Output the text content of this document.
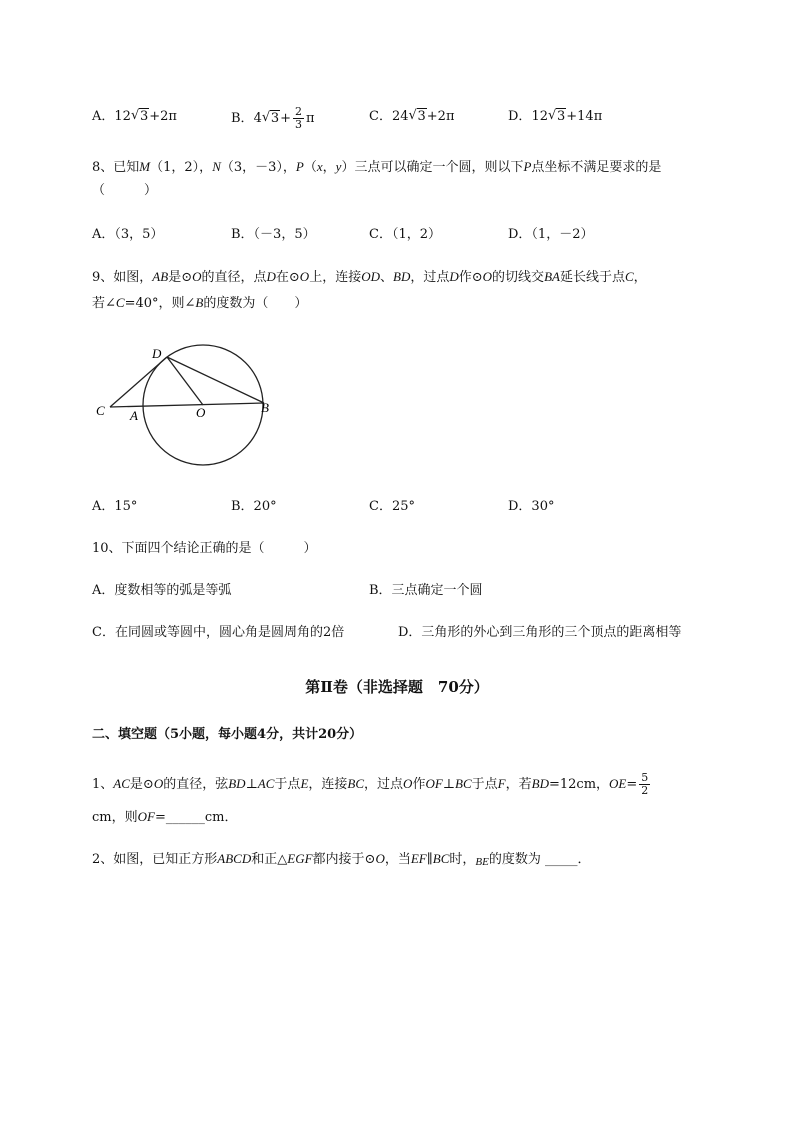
A．12 √ 3+2π	B．4 √ $3+ \frac{2}{3}$ π	C．24 √ 3+2π	D．12 √ 3+14π
8、已知M（1，2），N（3，－3），P（x，y）三点可以确定一个圆，则以下P点坐标不满足要求的是
（　　　）
A．（3，5）	B．（－3，5）	C．（1，2）	D．（1，－2）
9、如图，AB是⊙O的直径，点D在⊙O上，连接OD、BD，过点D作⊙O的切线交BA延长线于点C，
若∠C=40°，则∠B的度数为（　　）
D
C A	O	B
A．15°	B．20°	C．25°	D．30°
10、下面四个结论正确的是（　　　）
A．度数相等的弧是等弧	B．三点确定一个圆
C．在同圆或等圆中，圆心角是圆周角的2倍	D．三角形的外心到三角形的三个顶点的距离相等
第Ⅱ卷（非选择题　70分）
二、填空题（5小题，每小题4分，共计20分）
1、AC是⊙O的直径，弦BD⊥AC于点E，连接BC，过点O作OF⊥BC于点F，若BD=12cm，$OE= \frac{5}{2}$
cm，则OF=______cm．
2、如图，已知正方形ABCD和正△EGF都内接于⊙O，当EF∥BC时，BE的度数为 _____．
